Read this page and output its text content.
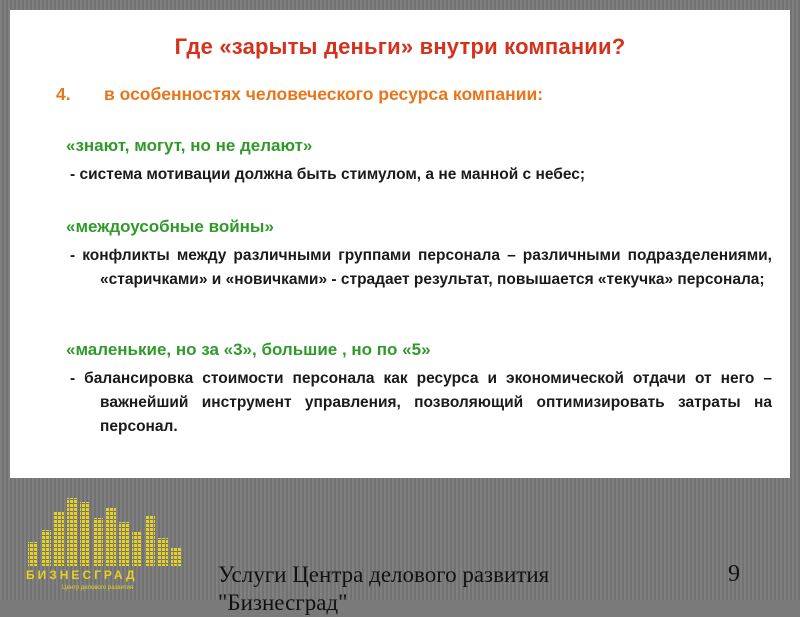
Где «зарыты деньги» внутри компании?
4. в особенностях человеческого ресурса компании:
«знают, могут, но не делают»
- система мотивации должна быть стимулом, а не манной с небес;
«междоусобные войны»
- конфликты между различными группами персонала – различными подразделениями, «старичками» и «новичками» - страдает результат, повышается «текучка» персонала;
«маленькие, но за «3», большие , но по «5»
- балансировка стоимости персонала как ресурса и экономической отдачи от него – важнейший инструмент управления, позволяющий оптимизировать затраты на персонал.
БИЗНЕСГРАД
Центр делового развития
Услуги Центра делового развития "Бизнесград"
9
